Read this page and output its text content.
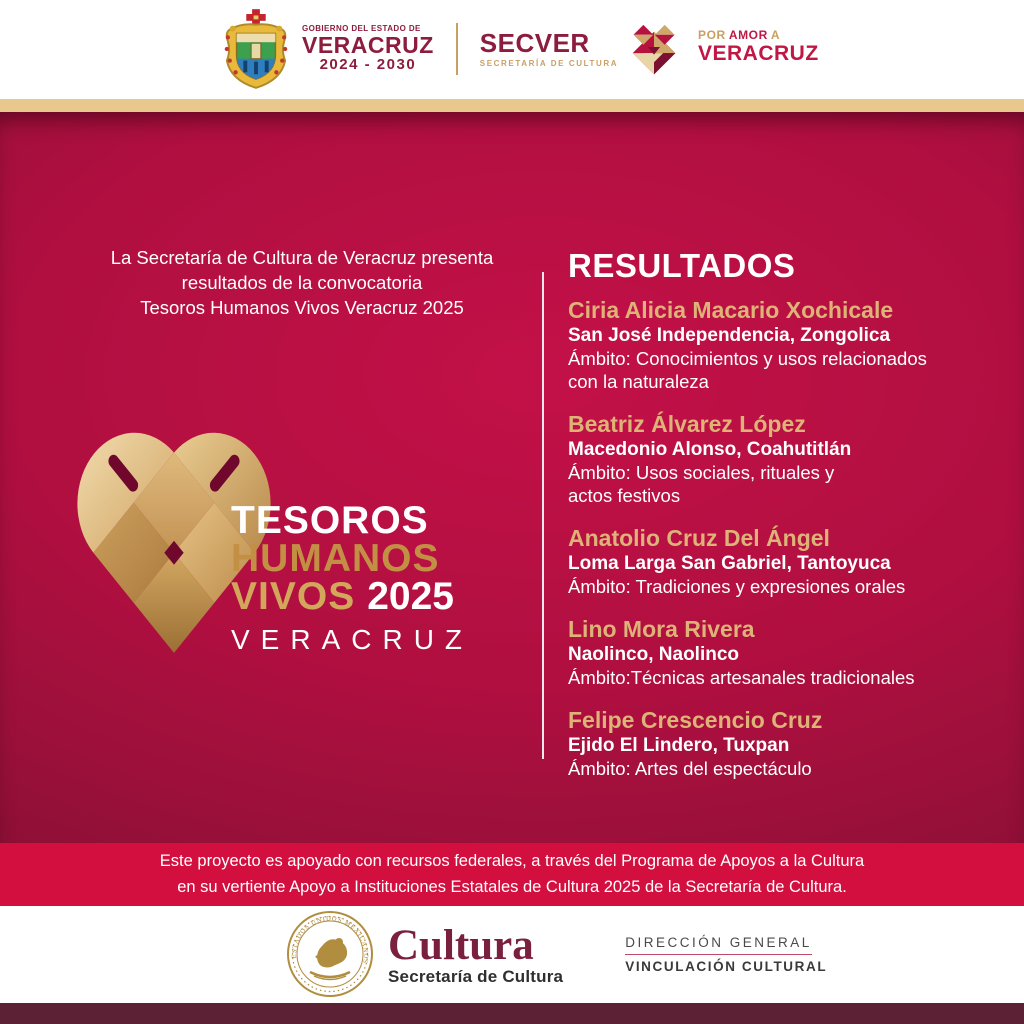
GOBIERNO DEL ESTADO DE
VERACRUZ
2024 - 2030
SECVER
SECRETARÍA DE CULTURA
POR AMOR A
VERACRUZ
La Secretaría de Cultura de Veracruz presenta
resultados de la convocatoria
Tesoros Humanos Vivos Veracruz 2025
TESOROS
HUMANOS
VIVOS 2025
VERACRUZ
RESULTADOS
Ciria Alicia Macario Xochicale
San José Independencia, Zongolica
Ámbito: Conocimientos y usos relacionados
con la naturaleza
Beatriz Álvarez López
Macedonio Alonso, Coahutitlán
Ámbito: Usos sociales, rituales y
actos festivos
Anatolio Cruz Del Ángel
Loma Larga San Gabriel, Tantoyuca
Ámbito: Tradiciones y expresiones orales
Lino Mora Rivera
Naolinco, Naolinco
Ámbito:Técnicas artesanales tradicionales
Felipe Crescencio Cruz
Ejido El Lindero, Tuxpan
Ámbito: Artes del espectáculo
Este proyecto es apoyado con recursos federales, a través del Programa de Apoyos a la Cultura
en su vertiente Apoyo a Instituciones Estatales de Cultura 2025 de la Secretaría de Cultura.
ESTADOS UNIDOS MEXICANOS Cultura
Secretaría de Cultura
DIRECCIÓN GENERAL
VINCULACIÓN CULTURAL
